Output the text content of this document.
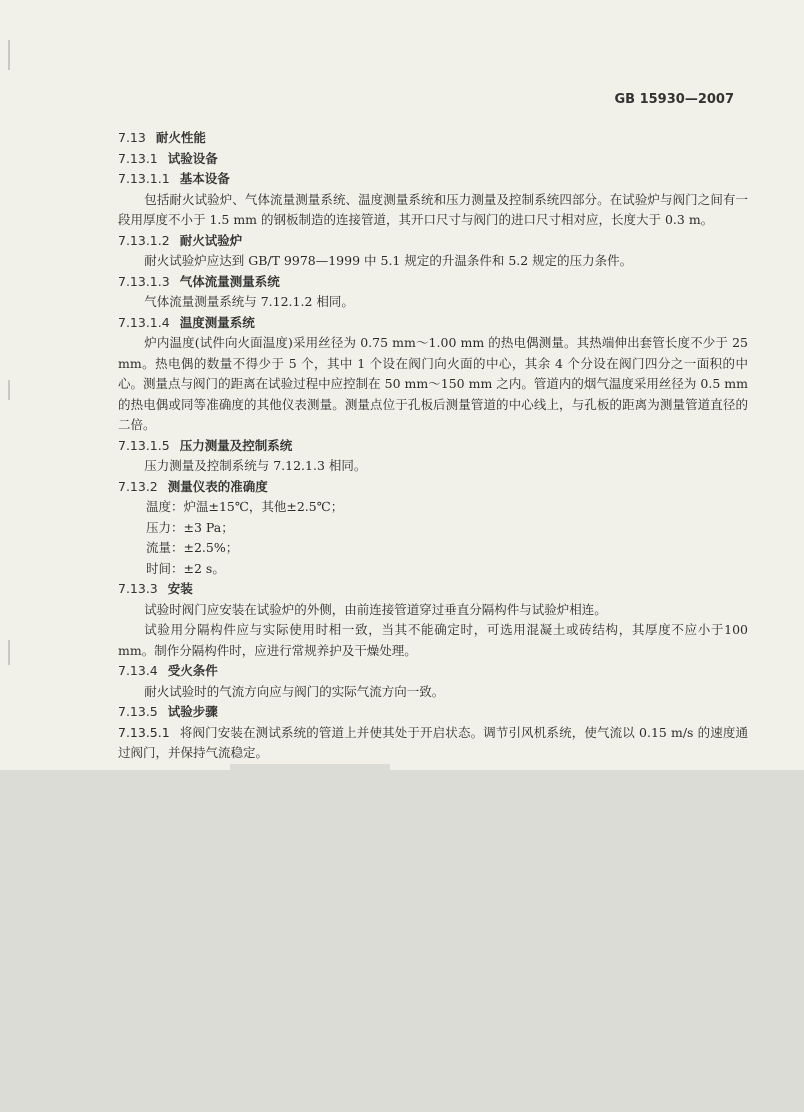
GB 15930—2007
7.13 耐火性能
7.13.1 试验设备
7.13.1.1 基本设备
包括耐火试验炉、气体流量测量系统、温度测量系统和压力测量及控制系统四部分。在试验炉与阀门之间有一段用厚度不小于 1.5 mm 的钢板制造的连接管道，其开口尺寸与阀门的进口尺寸相对应，长度大于 0.3 m。
7.13.1.2 耐火试验炉
耐火试验炉应达到 GB/T 9978—1999 中 5.1 规定的升温条件和 5.2 规定的压力条件。
7.13.1.3 气体流量测量系统
气体流量测量系统与 7.12.1.2 相同。
7.13.1.4 温度测量系统
炉内温度(试件向火面温度)采用丝径为 0.75 mm～1.00 mm 的热电偶测量。其热端伸出套管长度不少于 25 mm。热电偶的数量不得少于 5 个，其中 1 个设在阀门向火面的中心，其余 4 个分设在阀门四分之一面积的中心。测量点与阀门的距离在试验过程中应控制在 50 mm～150 mm 之内。管道内的烟气温度采用丝径为 0.5 mm 的热电偶或同等准确度的其他仪表测量。测量点位于孔板后测量管道的中心线上，与孔板的距离为测量管道直径的二倍。
7.13.1.5 压力测量及控制系统
压力测量及控制系统与 7.12.1.3 相同。
7.13.2 测量仪表的准确度
温度：炉温±15℃，其他±2.5℃；
压力：±3 Pa；
流量：±2.5%；
时间：±2 s。
7.13.3 安装
试验时阀门应安装在试验炉的外侧，由前连接管道穿过垂直分隔构件与试验炉相连。
试验用分隔构件应与实际使用时相一致，当其不能确定时，可选用混凝土或砖结构，其厚度不应小于100 mm。制作分隔构件时，应进行常规养护及干燥处理。
7.13.4 受火条件
耐火试验时的气流方向应与阀门的实际气流方向一致。
7.13.5 试验步骤
7.13.5.1 将阀门安装在测试系统的管道上并使其处于开启状态。调节引风机系统，使气流以 0.15 m/s 的速度通过阀门，并保持气流稳定。
